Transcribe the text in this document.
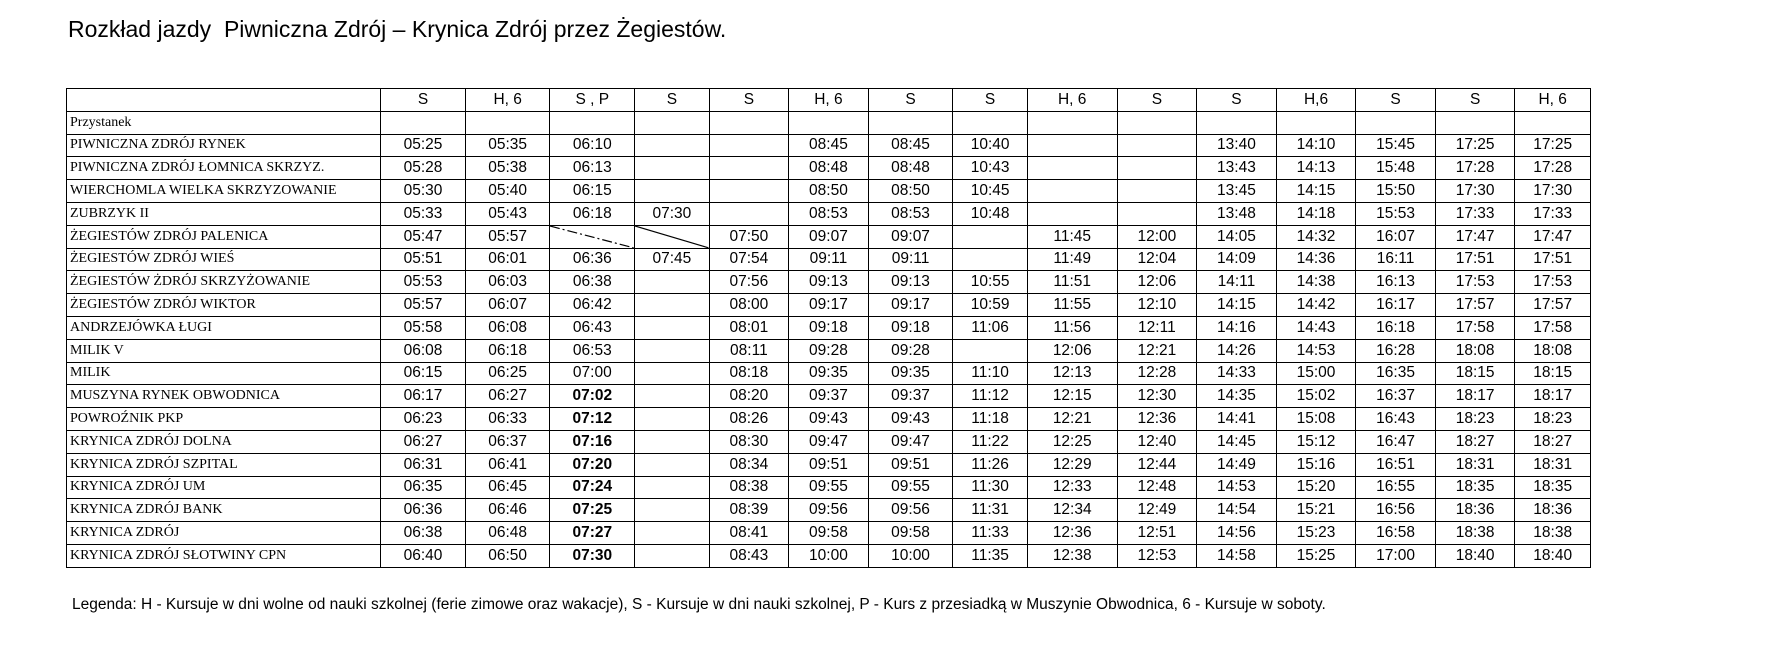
Rozkład jazdy  Piwniczna Zdrój – Krynica Zdrój przez Żegiestów.
	S	H, 6	S , P	S	S	H, 6	S	S	H, 6	S	S	H,6	S	S	H, 6
Przystanek															
PIWNICZNA ZDRÓJ RYNEK	05:25	05:35	06:10			08:45	08:45	10:40			13:40	14:10	15:45	17:25	17:25
PIWNICZNA ZDRÓJ ŁOMNICA SKRZYZ.	05:28	05:38	06:13			08:48	08:48	10:43			13:43	14:13	15:48	17:28	17:28
WIERCHOMLA WIELKA SKRZYZOWANIE	05:30	05:40	06:15			08:50	08:50	10:45			13:45	14:15	15:50	17:30	17:30
ZUBRZYK II	05:33	05:43	06:18	07:30		08:53	08:53	10:48			13:48	14:18	15:53	17:33	17:33
ŻEGIESTÓW ZDRÓJ PALENICA	05:47	05:57			07:50	09:07	09:07		11:45	12:00	14:05	14:32	16:07	17:47	17:47
ŻEGIESTÓW ZDRÓJ WIEŚ	05:51	06:01	06:36	07:45	07:54	09:11	09:11		11:49	12:04	14:09	14:36	16:11	17:51	17:51
ŻEGIESTÓW ŻDRÓJ SKRZYŻOWANIE	05:53	06:03	06:38		07:56	09:13	09:13	10:55	11:51	12:06	14:11	14:38	16:13	17:53	17:53
ŻEGIESTÓW ZDRÓJ WIKTOR	05:57	06:07	06:42		08:00	09:17	09:17	10:59	11:55	12:10	14:15	14:42	16:17	17:57	17:57
ANDRZEJÓWKA ŁUGI	05:58	06:08	06:43		08:01	09:18	09:18	11:06	11:56	12:11	14:16	14:43	16:18	17:58	17:58
MILIK V	06:08	06:18	06:53		08:11	09:28	09:28		12:06	12:21	14:26	14:53	16:28	18:08	18:08
MILIK	06:15	06:25	07:00		08:18	09:35	09:35	11:10	12:13	12:28	14:33	15:00	16:35	18:15	18:15
MUSZYNA RYNEK OBWODNICA	06:17	06:27	07:02		08:20	09:37	09:37	11:12	12:15	12:30	14:35	15:02	16:37	18:17	18:17
POWROŹNIK PKP	06:23	06:33	07:12		08:26	09:43	09:43	11:18	12:21	12:36	14:41	15:08	16:43	18:23	18:23
KRYNICA ZDRÓJ DOLNA	06:27	06:37	07:16		08:30	09:47	09:47	11:22	12:25	12:40	14:45	15:12	16:47	18:27	18:27
KRYNICA ZDRÓJ SZPITAL	06:31	06:41	07:20		08:34	09:51	09:51	11:26	12:29	12:44	14:49	15:16	16:51	18:31	18:31
KRYNICA ZDRÓJ UM	06:35	06:45	07:24		08:38	09:55	09:55	11:30	12:33	12:48	14:53	15:20	16:55	18:35	18:35
KRYNICA ZDRÓJ BANK	06:36	06:46	07:25		08:39	09:56	09:56	11:31	12:34	12:49	14:54	15:21	16:56	18:36	18:36
KRYNICA ZDRÓJ	06:38	06:48	07:27		08:41	09:58	09:58	11:33	12:36	12:51	14:56	15:23	16:58	18:38	18:38
KRYNICA ZDRÓJ SŁOTWINY CPN	06:40	06:50	07:30		08:43	10:00	10:00	11:35	12:38	12:53	14:58	15:25	17:00	18:40	18:40
Legenda: H - Kursuje w dni wolne od nauki szkolnej (ferie zimowe oraz wakacje), S - Kursuje w dni nauki szkolnej, P - Kurs z przesiadką w Muszynie Obwodnica, 6 - Kursuje w soboty.
